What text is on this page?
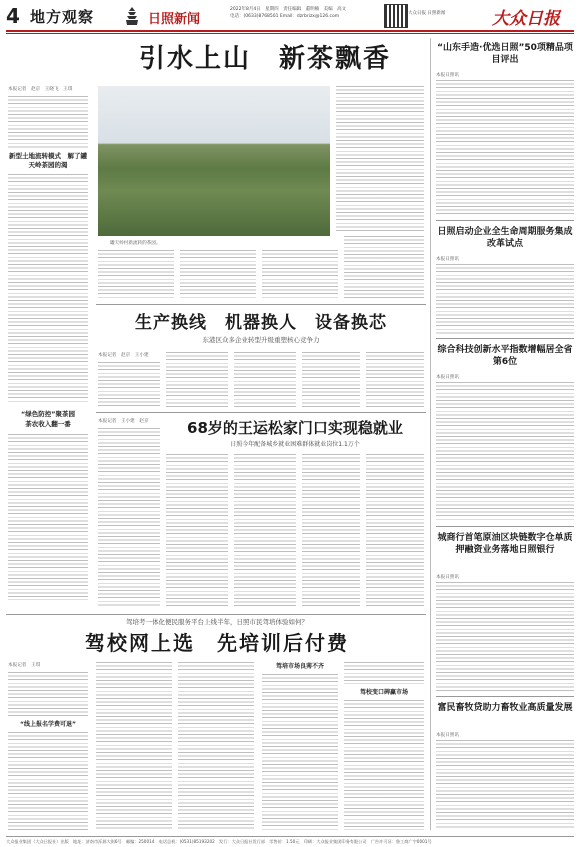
4 地方观察	日照新闻
2022年8月4日　星期四　责任编辑　董明楠　美编　高文
电话：(0633)8768501 Email：dzrbrizx@126.com
大众日报 日照新闻	大众日报
引水上山　新茶飘香
本报记者　赵京　王晓飞　王琪
新型土地流转模式　解了罐天岭茶园的渴
罐天岭村新流转的茶园。
“绿色防控”聚茶园
茶农收入翻一番
生产换线　机器换人　设备换芯
东港区众多企业转型升级重塑核心竞争力
本报记者　赵京　王小建
本报记者　王小建　赵京	68岁的王运松家门口实现稳就业
日照今年配备城乡就业困难群体就业岗位1.1万个
驾培考一体化便民服务平台上线半年，日照市民驾培体验如何？
驾校网上选　先培训后付费
本报记者　王琪
“线上报名学费可退”
驾培市场良莠不齐
驾校变口碑赢市场
“山东手造·优选日照”50项精品项目评出
本报日照讯
日照启动企业全生命周期服务集成改革试点
本报日照讯
综合科技创新水平指数增幅居全省第6位
本报日照讯
城商行首笔原油区块链数字仓单质押融资业务落地日照银行
本报日照讯
富民畜牧贷助力畜牧业高质量发展
本报日照讯
大众报业集团（大众日报社）出版　地址：济南市泺源大街6号　邮编：250014　电话总机：(0531)85193202　发行：大众日报社发行部　零售价：1.50元　印刷：大众报业集团印务有限公司　广告许可证：鲁工商广字0001号
